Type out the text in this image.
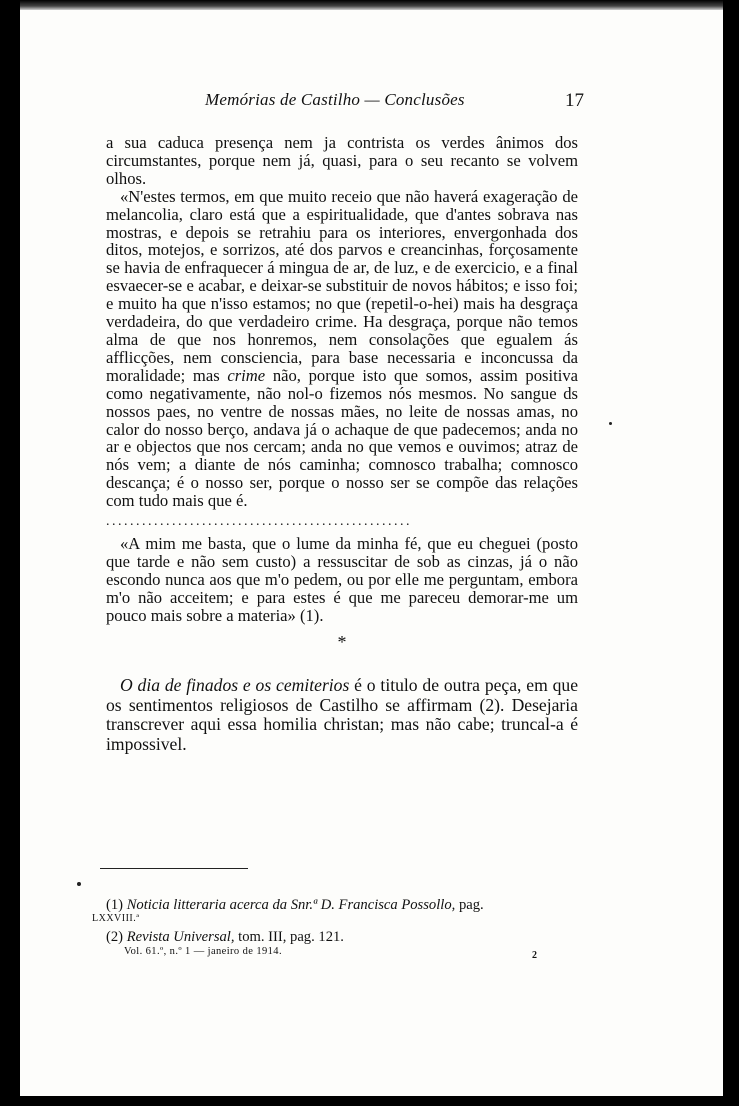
Memórias de Castilho — Conclusões	17

a sua caduca presença nem ja contrista os verdes ânimos dos circumstantes, porque nem já, quasi, para o seu recanto se volvem olhos.

«N'estes termos, em que muito receio que não haverá exageração de melancolia, claro está que a espiritualidade, que d'antes sobrava nas mostras, e depois se retrahiu para os interiores, envergonhada dos ditos, motejos, e sorrizos, até dos parvos e creancinhas, forçosamente se havia de enfraquecer á mingua de ar, de luz, e de exercicio, e a final esvaecer-se e acabar, e deixar-se substituir de novos hábitos; e isso foi; e muito ha que n'isso estamos; no que (repetil-o-hei) mais ha desgraça verdadeira, do que verdadeiro crime. Ha desgraça, porque não temos alma de que nos honremos, nem consolações que egualem ás afflicções, nem consciencia, para base necessaria e inconcussa da moralidade; mas crime não, porque isto que somos, assim positiva como negativamente, não nol-o fizemos nós mesmos. No sangue ds nossos paes, no ventre de nossas mães, no leite de nossas amas, no calor do nosso berço, andava já o achaque de que padecemos; anda no ar e objectos que nos cercam; anda no que vemos e ouvimos; atraz de nós vem; a diante de nós caminha; comnosco trabalha; comnosco descança; é o nosso ser, porque o nosso ser se compõe das relações com tudo mais que é.

...................................................

«A mim me basta, que o lume da minha fé, que eu cheguei (posto que tarde e não sem custo) a ressuscitar de sob as cinzas, já o não escondo nunca aos que m'o pedem, ou por elle me perguntam, embora m'o não acceitem; e para estes é que me pareceu demorar-me um pouco mais sobre a materia» (1).

*

O dia de finados e os cemiterios é o titulo de outra peça, em que os sentimentos religiosos de Castilho se affirmam (2). Desejaria transcrever aqui essa homilia christan; mas não cabe; truncal-a é impossivel.

(1) Noticia litteraria acerca da Snr.ª D. Francisca Possollo, pag.

LXXVIII.ª

(2) Revista Universal, tom. III, pag. 121.

Vol. 61.º, n.º 1 — janeiro de 1914.	2
